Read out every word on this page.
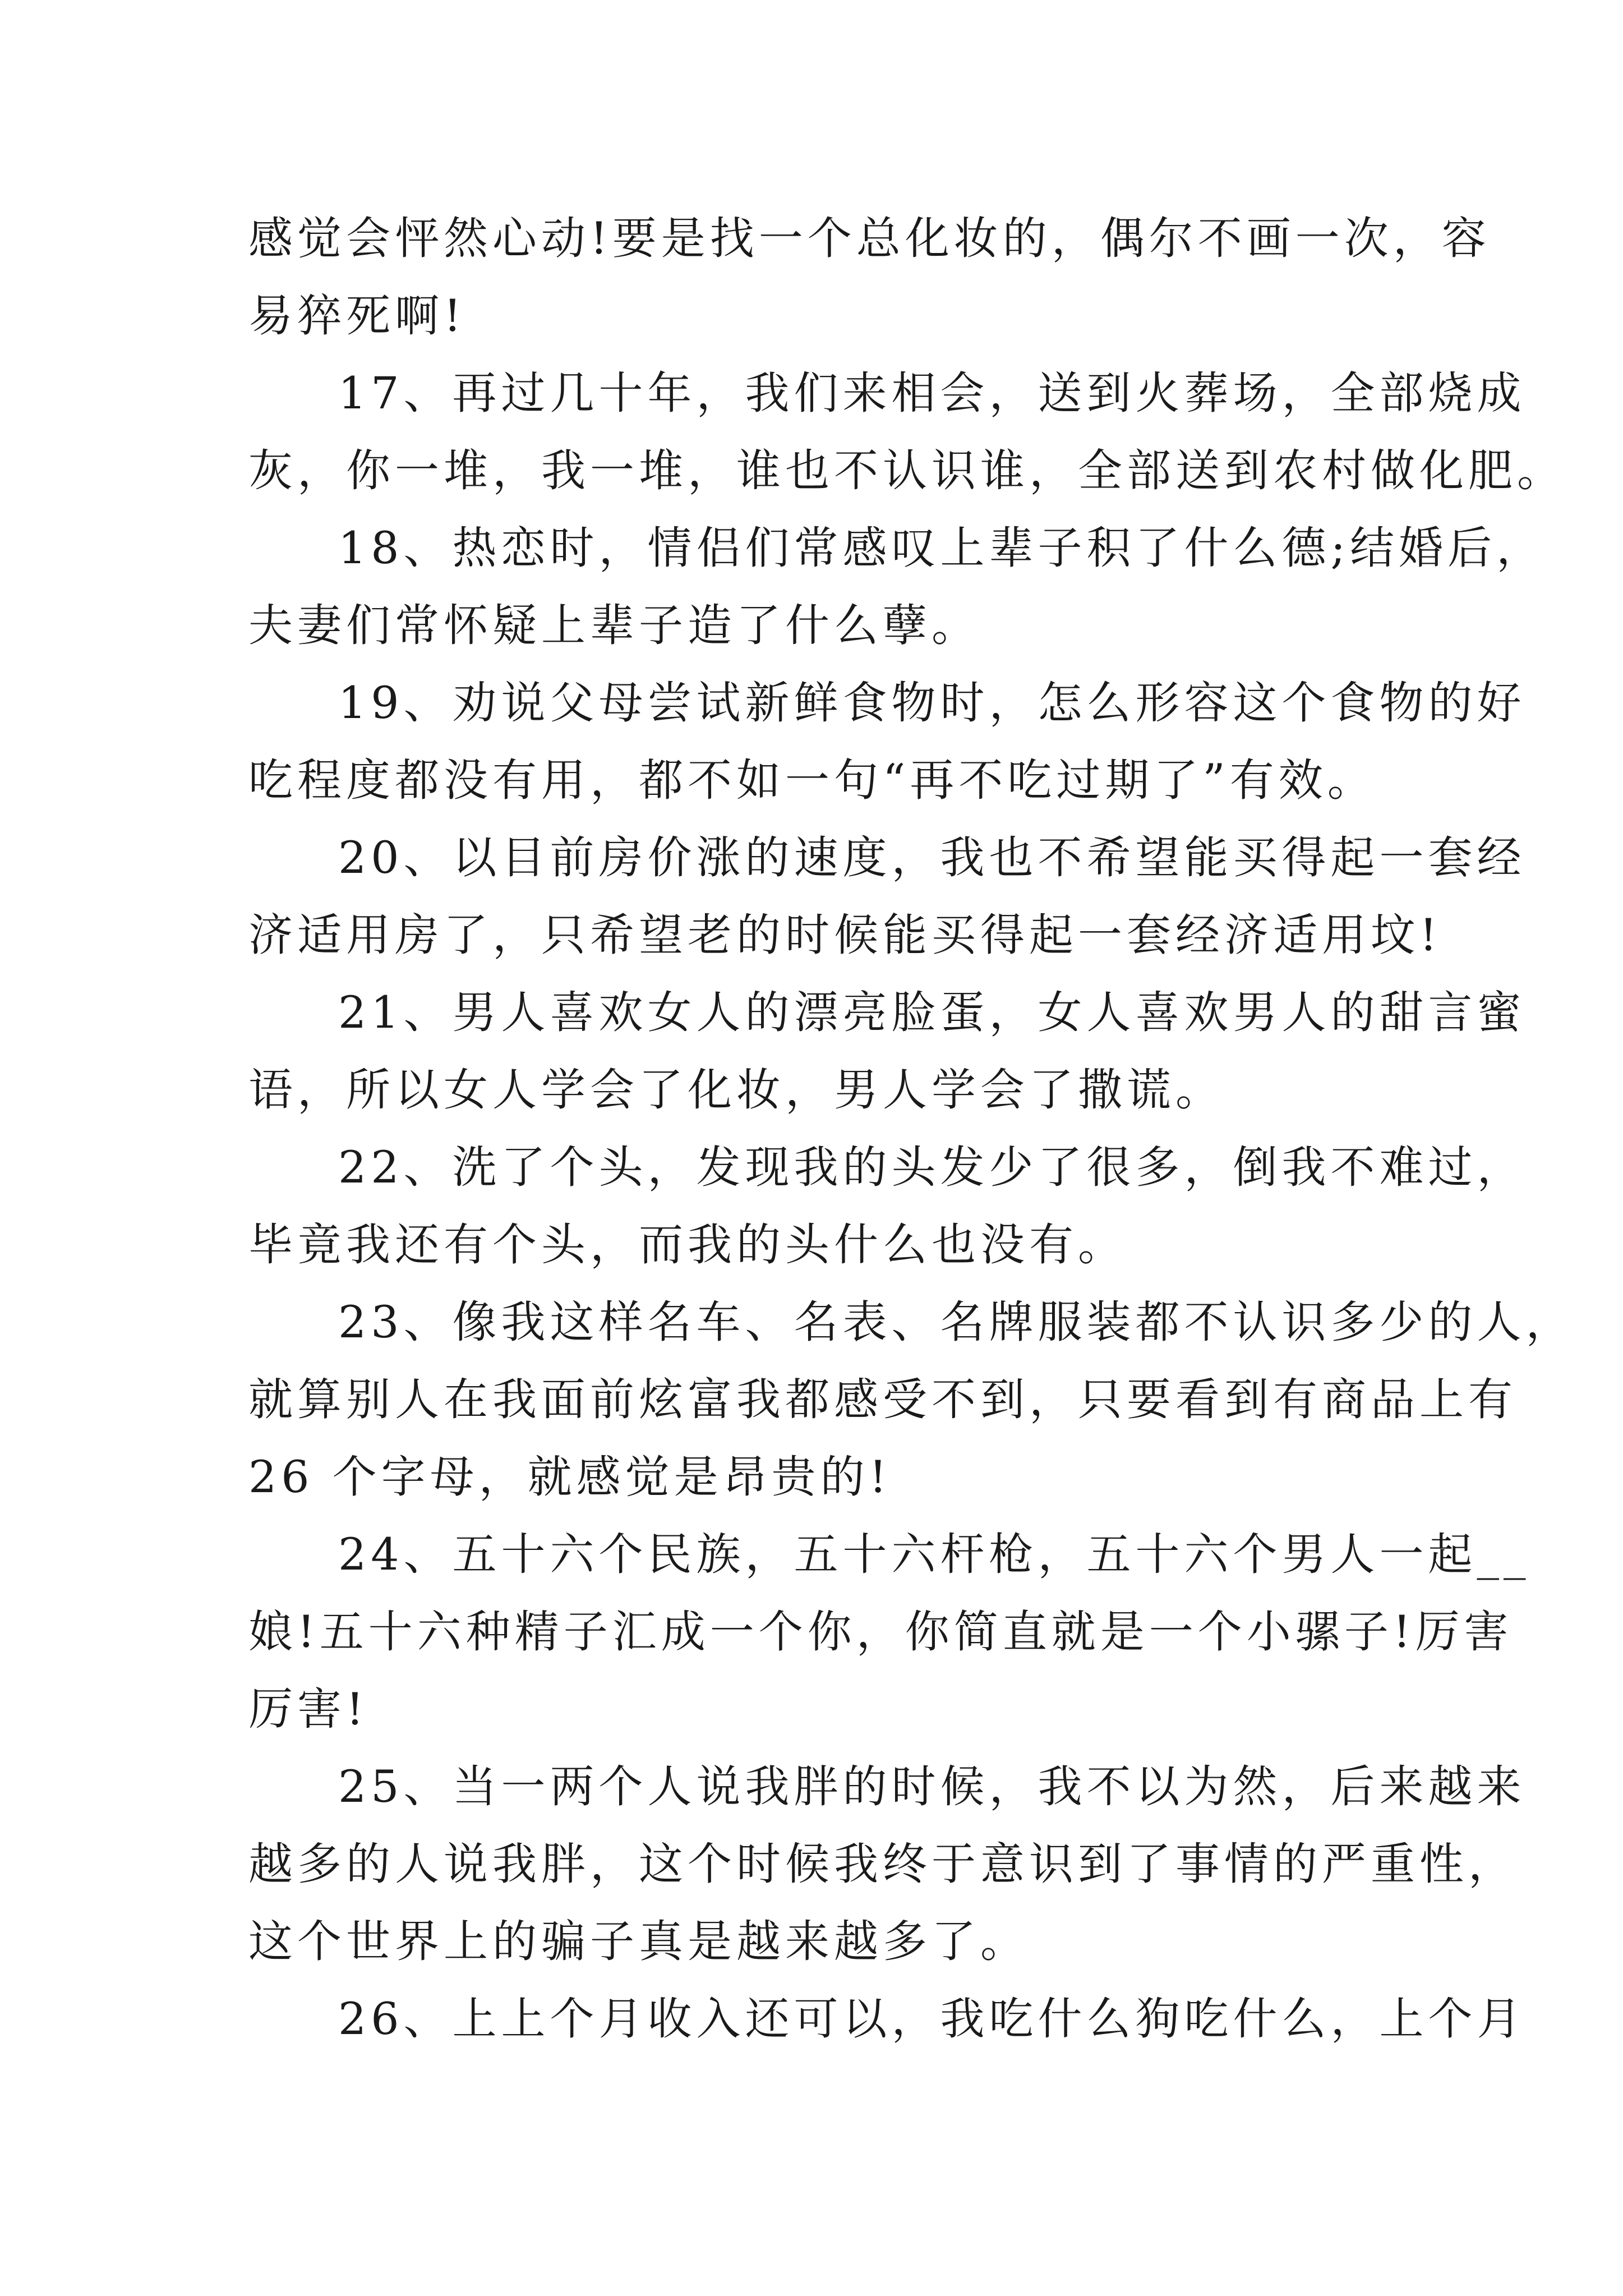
感觉会怦然心动!要是找一个总化妆的，偶尔不画一次，容
易猝死啊!
17、再过几十年，我们来相会，送到火葬场，全部烧成
灰，你一堆，我一堆，谁也不认识谁，全部送到农村做化肥。
18、热恋时，情侣们常感叹上辈子积了什么德;结婚后，
夫妻们常怀疑上辈子造了什么孽。
19、劝说父母尝试新鲜食物时，怎么形容这个食物的好
吃程度都没有用，都不如一句“再不吃过期了”有效。
20、以目前房价涨的速度，我也不希望能买得起一套经
济适用房了，只希望老的时候能买得起一套经济适用坟!
21、男人喜欢女人的漂亮脸蛋，女人喜欢男人的甜言蜜
语，所以女人学会了化妆，男人学会了撒谎。
22、洗了个头，发现我的头发少了很多，倒我不难过，
毕竟我还有个头，而我的头什么也没有。
23、像我这样名车、名表、名牌服装都不认识多少的人，
就算别人在我面前炫富我都感受不到，只要看到有商品上有
26 个字母，就感觉是昂贵的!
24、五十六个民族，五十六杆枪，五十六个男人一起__
娘!五十六种精子汇成一个你，你简直就是一个小骡子!厉害
厉害!
25、当一两个人说我胖的时候，我不以为然，后来越来
越多的人说我胖，这个时候我终于意识到了事情的严重性，
这个世界上的骗子真是越来越多了。
26、上上个月收入还可以，我吃什么狗吃什么，上个月
